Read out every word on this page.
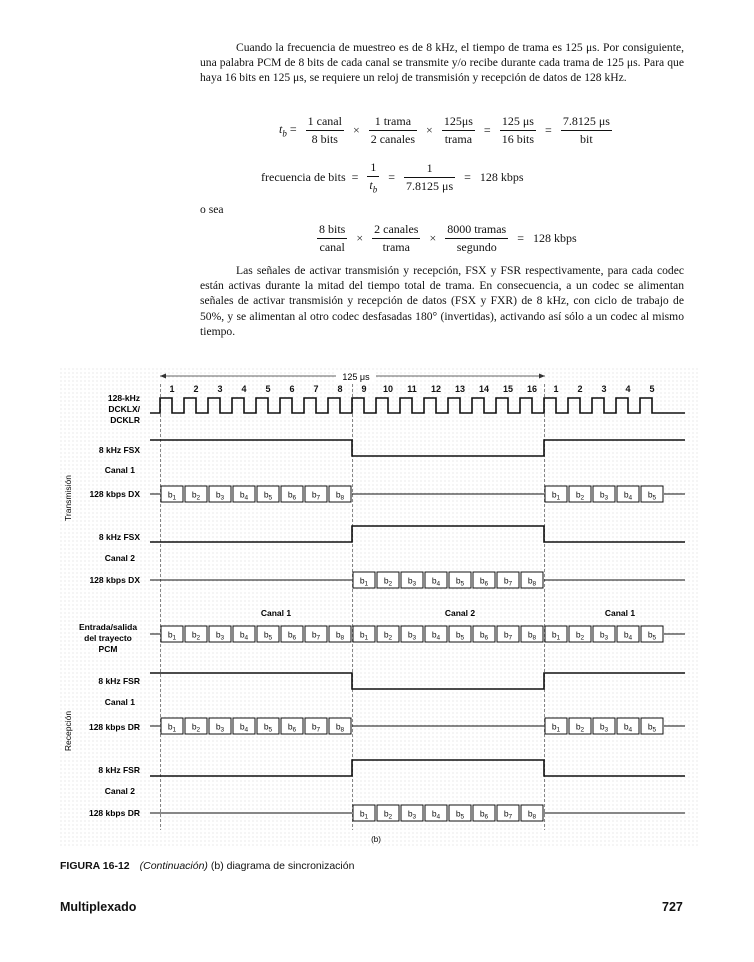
Cuando la frecuencia de muestreo es de 8 kHz, el tiempo de trama es 125 μs. Por consiguiente, una palabra PCM de 8 bits de cada canal se transmite y/o recibe durante cada trama de 125 μs. Para que haya 16 bits en 125 μs, se requiere un reloj de transmisión y recepción de datos de 128 kHz.

$t_b = \frac{\text{1 canal}}{\text{8 bits}} \times \frac{\text{1 trama}}{\text{2 canales}} \times \frac{125\mu s}{\text{trama}} = \frac{125 \mu s}{\text{16 bits}} = \frac{7.8125 \mu s}{\text{bit}}$
frecuencia de bits = $\frac{1}{t_b} = \frac{1}{7.8125 \mu s} = 128$ kbps
o sea
$\frac{\text{8 bits}}{\text{canal}} \times \frac{\text{2 canales}}{\text{trama}} \times \frac{\text{8000 tramas}}{\text{segundo}} = 128$ kbps

Las señales de activar transmisión y recepción, FSX y FSR respectivamente, para cada codec están activas durante la mitad del tiempo total de trama. En consecuencia, a un codec se alimentan señales de activar transmisión y recepción de datos (FSX y FXR) de 8 kHz, con ciclo de trabajo de 50%, y se alimentan al otro codec desfasadas 180° (invertidas), activando así sólo a un codec al mismo tiempo.

125 μs
1 2 3 4 5 6 7 8 9 10 11 12 13 14 15 16 1 2 3 4 5
$b_1$ $b_2$ $b_3$ $b_4$ $b_5$ $b_6$ $b_7$ $b_8$	$b_1$ $b_2$ $b_3$ $b_4$ $b_5$
$b_1$ $b_2$ $b_3$ $b_4$ $b_5$ $b_6$ $b_7$ $b_8$
$b_1$ $b_2$ $b_3$ $b_4$ $b_5$ $b_6$ $b_7$ $b_8$ $b_1$ $b_2$ $b_3$ $b_4$ $b_5$ $b_6$ $b_7$ $b_8$ $b_1$ $b_2$ $b_3$ $b_4$ $b_5$
$b_1$ $b_2$ $b_3$ $b_4$ $b_5$ $b_6$ $b_7$ $b_8$	$b_1$ $b_2$ $b_3$ $b_4$ $b_5$
$b_1$ $b_2$ $b_3$ $b_4$ $b_5$ $b_6$ $b_7$ $b_8$
128-kHz
DCKLX/
DCKLR
8 kHz FSX
Canal 1
128 kbps DX
8 kHz FSX
Canal 2
128 kbps DX
Entrada/salida
del trayecto
PCM
8 kHz FSR
Canal 1
128 kbps DR
8 kHz FSR
Canal 2
128 kbps DR
Transmisión
Recepción
Canal 1	Canal 2	Canal 1
(b)
FIGURA 16-12 (Continuación) (b) diagrama de sincronización
Multiplexado	727
